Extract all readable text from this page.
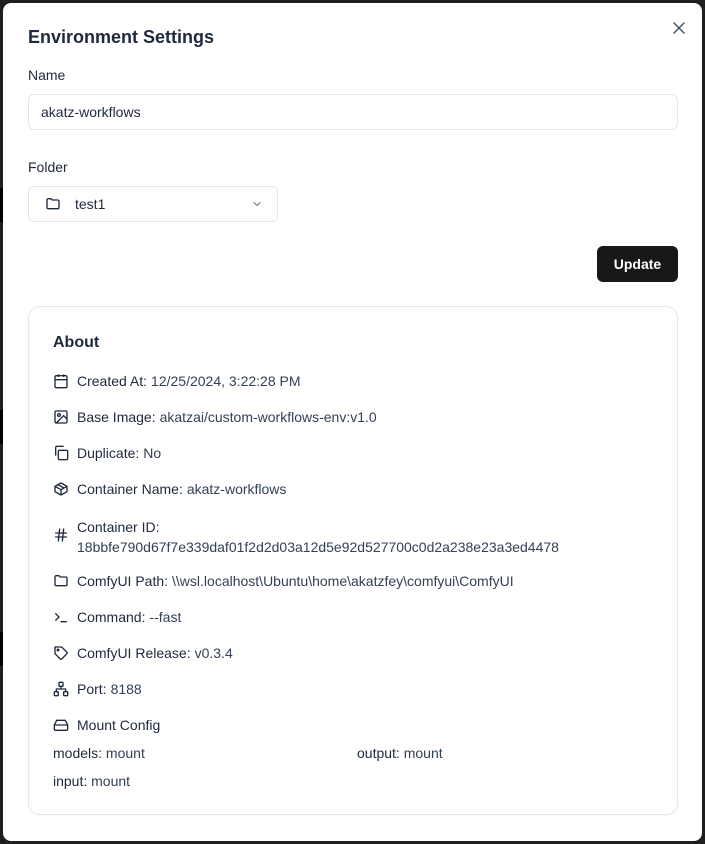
Environment Settings
Name
akatz-workflows
Folder
test1
Update
About
Created At: 12/25/2024, 3:22:28 PM
Base Image: akatzai/custom-workflows-env:v1.0
Duplicate: No
Container Name: akatz-workflows
Container ID:
18bbfe790d67f7e339daf01f2d2d03a12d5e92d527700c0d2a238e23a3ed4478
ComfyUI Path: \\wsl.localhost\Ubuntu\home\akatzfey\comfyui\ComfyUI
Command: --fast
ComfyUI Release: v0.3.4
Port: 8188
Mount Config
models: mount	output: mount
input: mount
